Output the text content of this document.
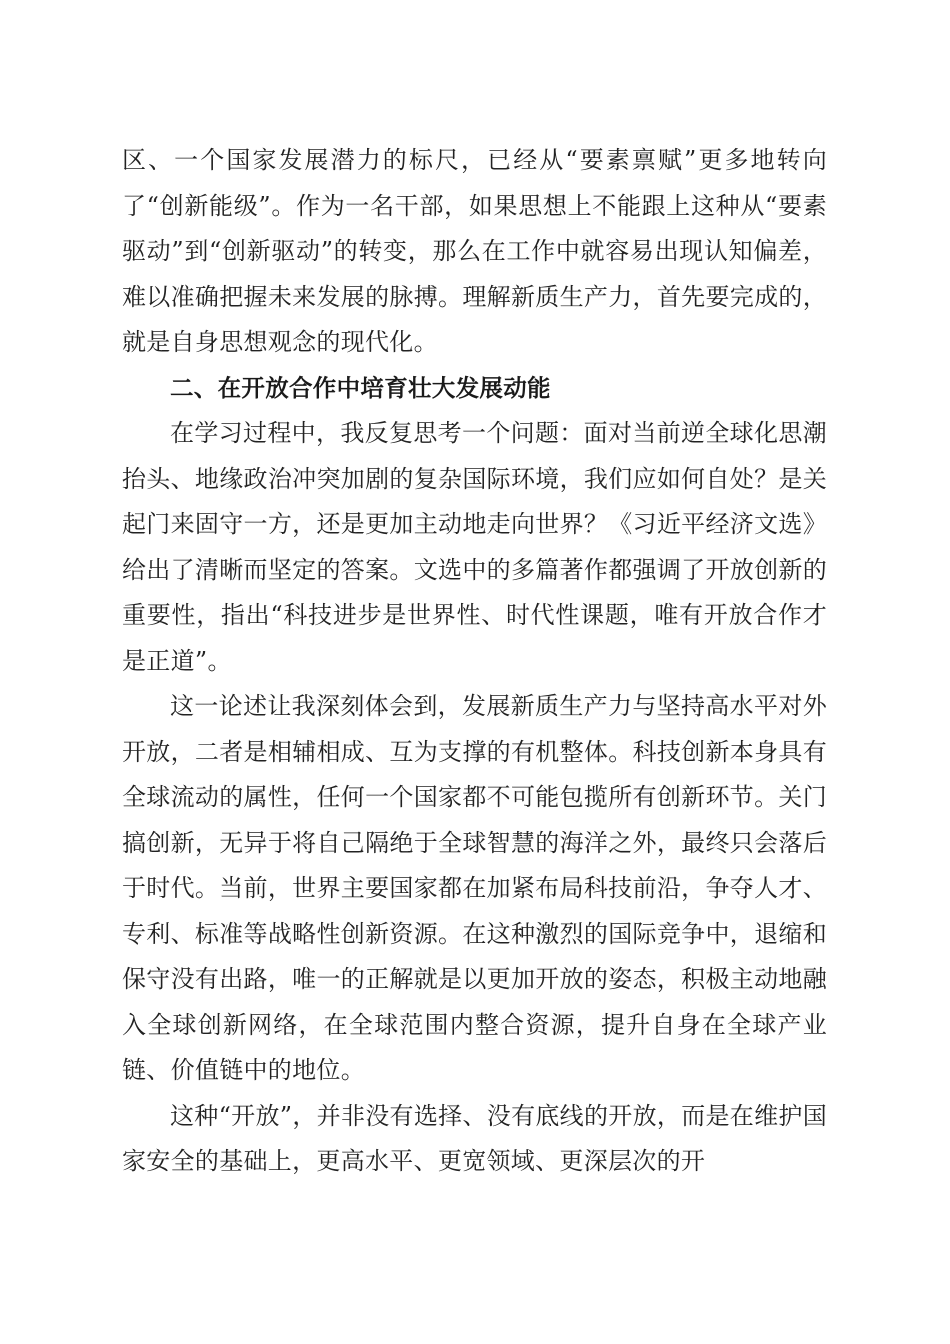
区、一个国家发展潜力的标尺，已经从“要素禀赋”更多地转向了“创新能级”。作为一名干部，如果思想上不能跟上这种从“要素驱动”到“创新驱动”的转变，那么在工作中就容易出现认知偏差，难以准确把握未来发展的脉搏。理解新质生产力，首先要完成的，就是自身思想观念的现代化。

二、在开放合作中培育壮大发展动能

在学习过程中，我反复思考一个问题：面对当前逆全球化思潮抬头、地缘政治冲突加剧的复杂国际环境，我们应如何自处？是关起门来固守一方，还是更加主动地走向世界？《习近平经济文选》给出了清晰而坚定的答案。文选中的多篇著作都强调了开放创新的重要性，指出“科技进步是世界性、时代性课题，唯有开放合作才是正道”。

这一论述让我深刻体会到，发展新质生产力与坚持高水平对外开放，二者是相辅相成、互为支撑的有机整体。科技创新本身具有全球流动的属性，任何一个国家都不可能包揽所有创新环节。关门搞创新，无异于将自己隔绝于全球智慧的海洋之外，最终只会落后于时代。当前，世界主要国家都在加紧布局科技前沿，争夺人才、专利、标准等战略性创新资源。在这种激烈的国际竞争中，退缩和保守没有出路，唯一的正解就是以更加开放的姿态，积极主动地融入全球创新网络，在全球范围内整合资源，提升自身在全球产业链、价值链中的地位。

这种“开放”，并非没有选择、没有底线的开放，而是在维护国家安全的基础上，更高水平、更宽领域、更深层次的开
